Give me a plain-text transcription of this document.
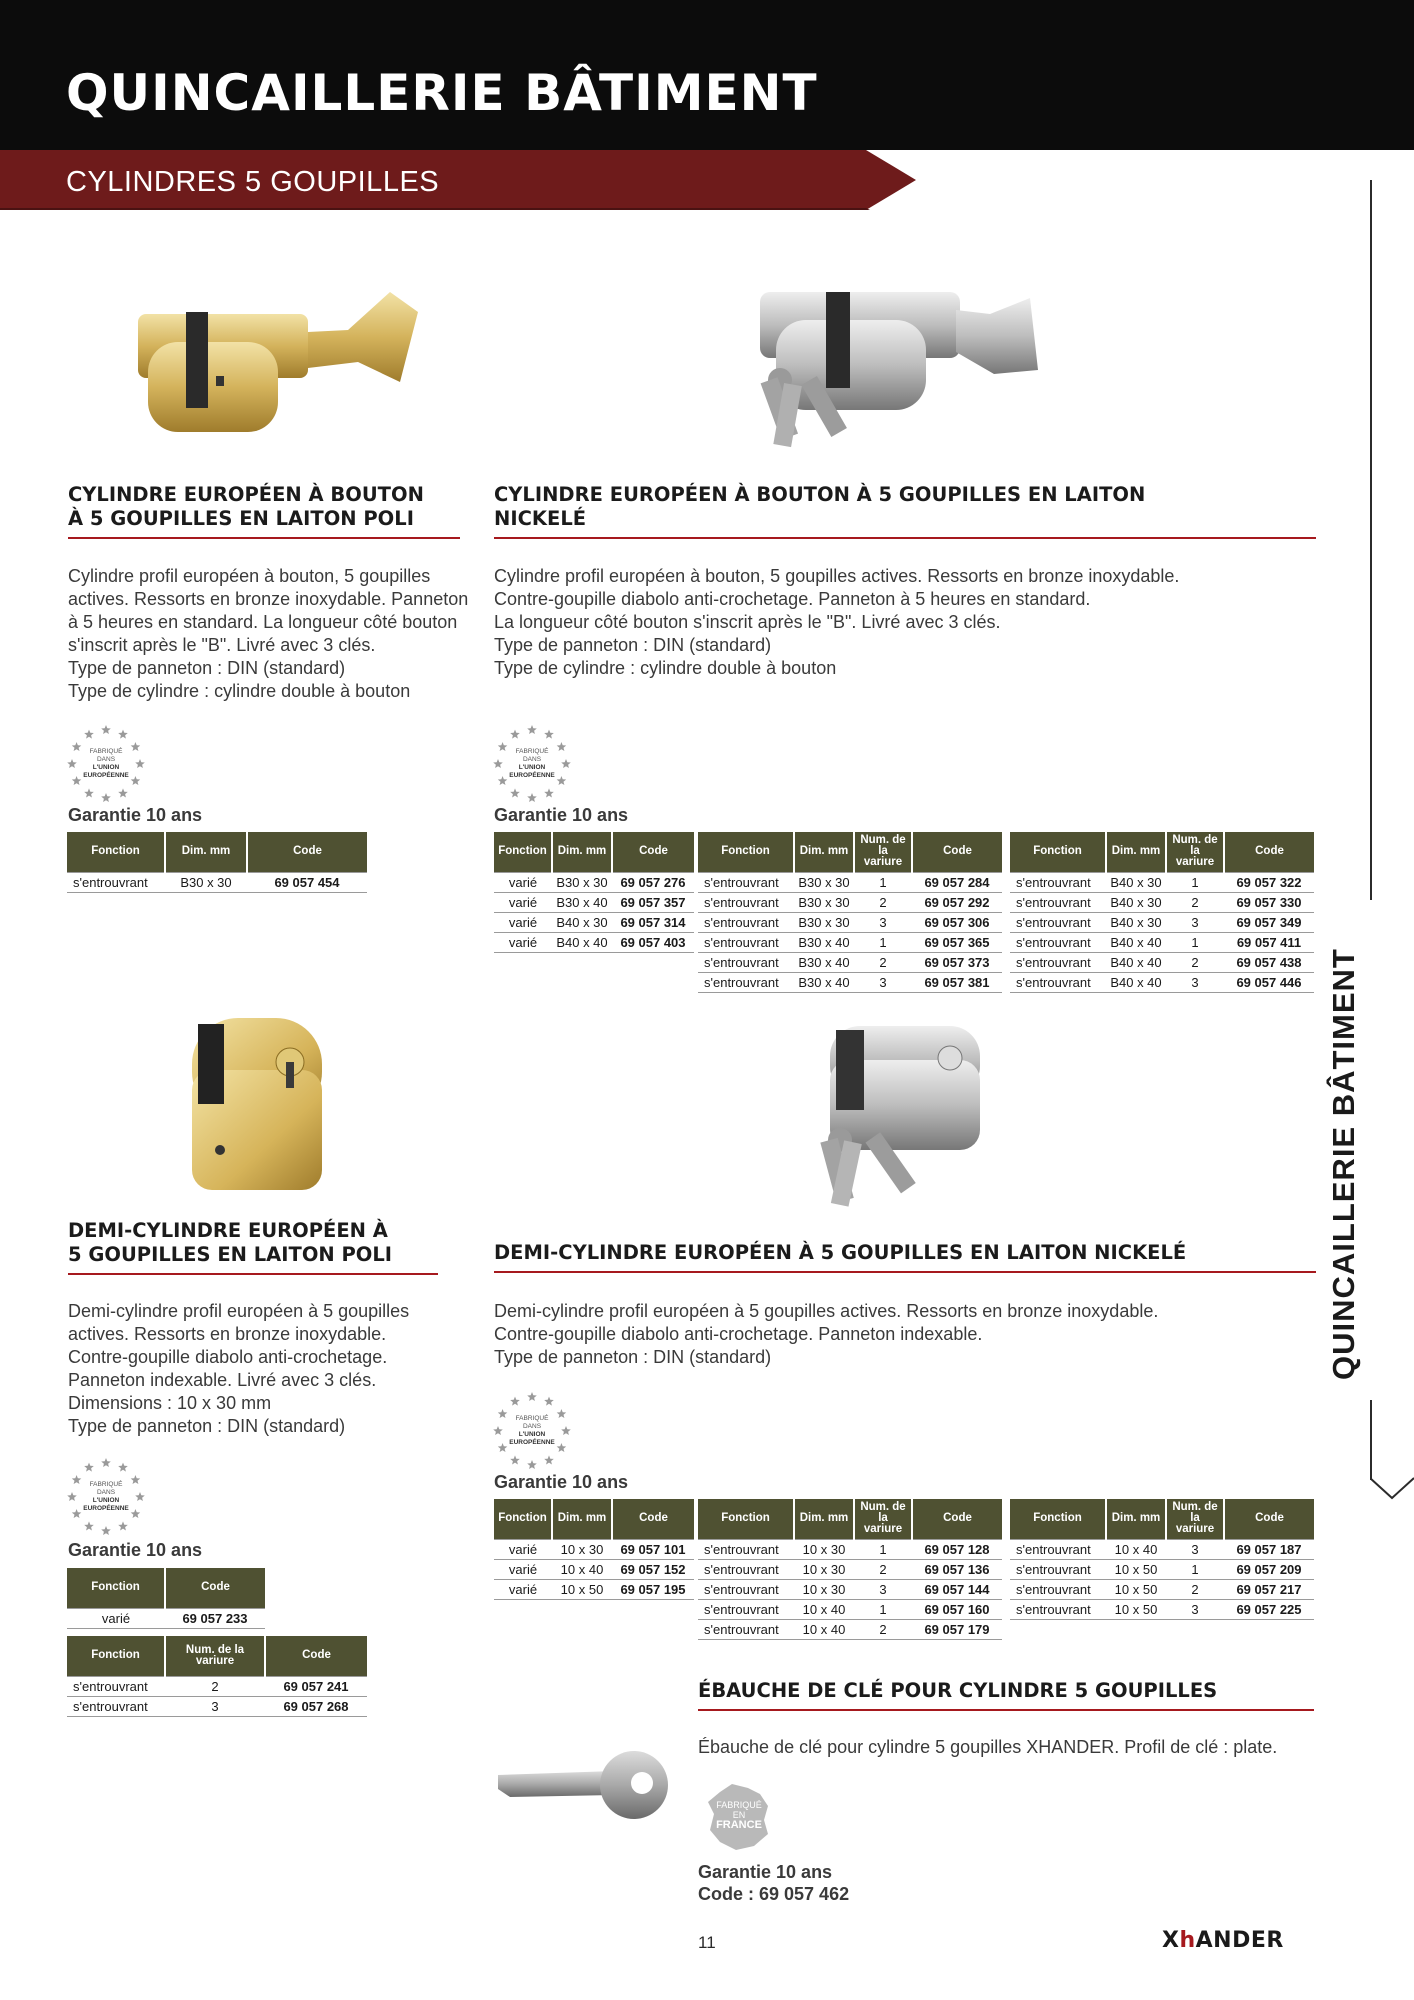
QUINCAILLERIE BÂTIMENT
CYLINDRES 5 GOUPILLES
QUINCAILLERIE BÂTIMENT
CYLINDRE EUROPÉEN À BOUTON
À 5 GOUPILLES EN LAITON POLI
Cylindre profil européen à bouton, 5 goupilles
actives. Ressorts en bronze inoxydable. Panneton
à 5 heures en standard. La longueur côté bouton
s'inscrit après le "B". Livré avec 3 clés.
Type de panneton : DIN (standard)
Type de cylindre : cylindre double à bouton
FABRIQUÉ
DANS
L'UNION
EUROPÉENNE
Garantie 10 ans
Fonction	Dim. mm	Code
s'entrouvrant	B30 x 30	69 057 454
CYLINDRE EUROPÉEN À BOUTON À 5 GOUPILLES EN LAITON
NICKELÉ
Cylindre profil européen à bouton, 5 goupilles actives. Ressorts en bronze inoxydable.
Contre-goupille diabolo anti-crochetage. Panneton à 5 heures en standard.
La longueur côté bouton s'inscrit après le "B". Livré avec 3 clés.
Type de panneton : DIN (standard)
Type de cylindre : cylindre double à bouton
FABRIQUÉ
DANS
L'UNION
EUROPÉENNE
Garantie 10 ans
Fonction	Dim. mm	Code
varié	B30 x 30	69 057 276
varié	B30 x 40	69 057 357
varié	B40 x 30	69 057 314
varié	B40 x 40	69 057 403
Fonction	Dim. mm	Num. de la variure	Code
s'entrouvrant	B30 x 30	1	69 057 284
s'entrouvrant	B30 x 30	2	69 057 292
s'entrouvrant	B30 x 30	3	69 057 306
s'entrouvrant	B30 x 40	1	69 057 365
s'entrouvrant	B30 x 40	2	69 057 373
s'entrouvrant	B30 x 40	3	69 057 381
Fonction	Dim. mm	Num. de la variure	Code
s'entrouvrant	B40 x 30	1	69 057 322
s'entrouvrant	B40 x 30	2	69 057 330
s'entrouvrant	B40 x 30	3	69 057 349
s'entrouvrant	B40 x 40	1	69 057 411
s'entrouvrant	B40 x 40	2	69 057 438
s'entrouvrant	B40 x 40	3	69 057 446
DEMI-CYLINDRE EUROPÉEN À
5 GOUPILLES EN LAITON POLI
Demi-cylindre profil européen à 5 goupilles
actives. Ressorts en bronze inoxydable.
Contre-goupille diabolo anti-crochetage.
Panneton indexable. Livré avec 3 clés.
Dimensions : 10 x 30 mm
Type de panneton : DIN (standard)
FABRIQUÉ
DANS
L'UNION
EUROPÉENNE
Garantie 10 ans
Fonction	Code
varié	69 057 233
Fonction	Num. de la variure	Code
s'entrouvrant	2	69 057 241
s'entrouvrant	3	69 057 268
DEMI-CYLINDRE EUROPÉEN À 5 GOUPILLES EN LAITON NICKELÉ
Demi-cylindre profil européen à 5 goupilles actives. Ressorts en bronze inoxydable.
Contre-goupille diabolo anti-crochetage. Panneton indexable.
Type de panneton : DIN (standard)
FABRIQUÉ
DANS
L'UNION
EUROPÉENNE
Garantie 10 ans
Fonction	Dim. mm	Code
varié	10 x 30	69 057 101
varié	10 x 40	69 057 152
varié	10 x 50	69 057 195
Fonction	Dim. mm	Num. de la variure	Code
s'entrouvrant	10 x 30	1	69 057 128
s'entrouvrant	10 x 30	2	69 057 136
s'entrouvrant	10 x 30	3	69 057 144
s'entrouvrant	10 x 40	1	69 057 160
s'entrouvrant	10 x 40	2	69 057 179
Fonction	Dim. mm	Num. de la variure	Code
s'entrouvrant	10 x 40	3	69 057 187
s'entrouvrant	10 x 50	1	69 057 209
s'entrouvrant	10 x 50	2	69 057 217
s'entrouvrant	10 x 50	3	69 057 225
ÉBAUCHE DE CLÉ POUR CYLINDRE 5 GOUPILLES
Ébauche de clé pour cylindre 5 goupilles XHANDER. Profil de clé : plate.
FABRIQUÉ
EN
FRANCE
Garantie 10 ans
Code : 69 057 462
11	XhANDER
